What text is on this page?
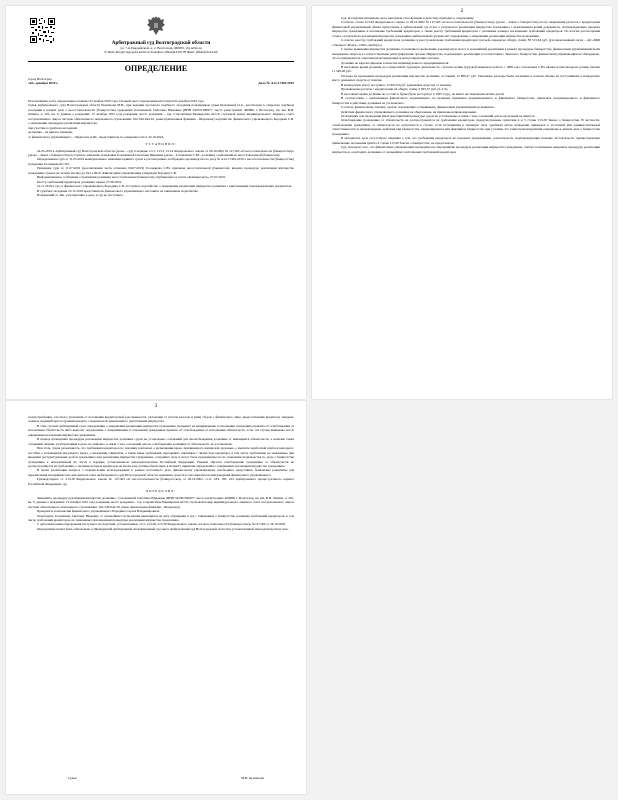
Арбитражный суд Волгоградской области
ул. 7-й Гвардейской, д. 2, Волгоград, 400005, vlg.arbitr.ru
E-mail: info@volgograd.arbitr.ru Телефон: (8442)23-00-78 Факс: (8442)24-04-60
ОПРЕДЕЛЕНИЕ
город Волгоград
«02» декабря 2019 г.	Дело № А12-17481/2019

Резолютивная часть определения оглашена 25 ноября 2019 года. Полный текст определения изготовлен 02 декабря 2019 года.

Судья Арбитражного суда Волгоградской области Кузнецова М.В., при ведении протокола судебного заседания помощником судьи Кулешовой О.А., рассмотрев в открытом судебном заседании в рамках дела о несостоятельности (банкротстве) гражданки Голованевой Светланы Юрьевны (ИНН 343501396977, место регистрации: 400086, г. Волгоград, пр. им. В.И. Ленина, д. 225, кв. 5; данные о рождении: 13 октября 1955 года рождения, место рождения – гор. Стерлитамак Башкирская АССР, страховой номер индивидуального лицевого счета застрахованного лица в системе обязательного пенсионного страхования: 162-549-044 20, ранее присвоенная фамилия – Шарапова) ходатайство финансового управляющего Бородина С.В. о завершении процедуры реализации имущества,

при участии в судебном заседании:

должника – не явился, извещен,

от финансового управляющего – Черкасова А.Ш., представитель по доверенности от 24.10.2019,

УСТАНОВИЛ:

24.05.2019 в Арбитражный суд Волгоградской области (далее - суд) в порядке ст.ст. 213.3, 213.4 Федерального закона от 26.10.2002 № 127-ФЗ «О несостоятельности (банкротстве)» (далее – Закон о банкротстве) поступило заявление гражданки Голованевой Светланы Юрьевны (далее – Голованева С.Ю., должник) о признании ее несостоятельной (банкротом).

Определением суда от 31.05.2019 вышеуказанное заявление принято судом к рассмотрению, возбуждено производство по делу № А12-17481/2019 о несостоятельности (банкротстве) гражданки Голованевой С.Ю.

Решением суда от 11.07.2019 (резолютивная часть оглашена 04.07.2019) Голованева С.Ю. признана несостоятельной (банкротом), введена процедура реализации имущества гражданина сроком на четыре месяца до 04.11.2019. Финансовым управляющим утвержден Бородин С.В.

Информационное сообщение о признании должника несостоятельным (банкротом) опубликовано в газете «Коммерсантъ» 27.07.2019.

Реестр требований кредиторов должника закрыт 27.09.2019.

19.11.2019 в суд от финансового управляющего Бородина С.В. поступило ходатайство о завершении реализации имущества должника с приложением подтверждающих документов.

В судебное заседание 25.11.2019 представитель финансового управляющего настаивал на заявленном ходатайстве.

Возражений от лиц, участвующих в деле, в суд не поступило.

2

Суд, исследовав материалы дела, выслушав участвующих в деле лиц, приходит к следующему.

Согласно статье 213.28 Федерального закона от 26.10.2002 № 127-ФЗ «О несостоятельности (банкротстве)» (далее – Закон о банкротстве) после завершения расчетов с кредиторами финансовый управляющий обязан представить в арбитражный суд отчет о результатах реализации имущества гражданина с приложением копий документов, подтверждающих продажу имущества гражданина и погашение требований кредиторов, а также реестр требований кредиторов с указанием размера погашенных требований кредиторов. По итогам рассмотрения отчета о результатах реализации имущества гражданина арбитражный суд выносит определение о завершении реализации имущества гражданина.

Согласно реестру требований кредиторов должника, в реестр включены требования кредиторов третьей очереди на общую сумму 83 515,64 руб. (уполномоченный орган – АО «БКБ «Экспресс-Волга», ООО «Деберт»).

С целью выявления имущества должника, положенного включению в конкурсную массу и дальнейшей реализации в рамках процедуры банкротства, финансовым управляющим были направлены запросы в соответствующие регистрирующие органы. Имущества, подлежащего реализации в соответствии с Законом о банкротстве, финансовым управляющим не обнаружено, что подтверждается ответами регистрирующих и контролирующих органов.

Должник не зарегистрирован в качестве индивидуального предпринимателя.

В настоящее время должник не осуществляет трудовую деятельность, согласно копии трудовой книжки на работе с 1998 года. Голованева С.Ю. является пенсионером, размер пенсии 11 549,28 руб.

Расходы на проведение процедуры реализации имущества должника составили 12 889,27 руб. Указанные расходы были погашены в полном объеме из поступивших в конкурсную массу денежных средств от пенсии.

В конкурсную массу поступило 15 991,64 руб. (денежные средства от пенсии).

Произведены расчеты с кредиторами на общую сумму 2 005,37 руб. (2,4 %).

В настоящее время должник не состоит в браке (брак расторгнут в 1997 году), не имеет несовершеннолетних детей.

В соответствии с заключением финансового управляющего по проверке признаков преднамеренного и фиктивного банкротства, признаков преднамеренного и фиктивного банкротства в действиях должника не установлено.

Согласно финансовому анализу, сделок, подлежащих оспариванию, финансовым управляющим не выявлено.

Действия финансового управляющего должника не обжалованы, не признаны неправомерными.

Основаниям для проведения иных мероприятий процедуры судом не установлены, в связи с чем, оснований для ее продления не имеется.

Освобождение гражданина от обязательств не распространяется на требования кредиторов, предусмотренные пунктами 4 и 5 статьи 213.28 Закона о банкротстве. В частности, освобождение гражданина от обязательств не допускается в случае, если вступившим в законную силу судебным актом гражданин привлечен к уголовной или административной ответственности за неправомерные действия при банкротстве, преднамеренное или фиктивное банкротство при условии, что такие правонарушения совершены в данном деле о банкротстве гражданина.

В материалах дела отсутствуют сведения о том, что требования кредиторов не подлежат прекращению, доказательств, подтверждающих наличие обстоятельств, препятствующих применению положения пункта 4 статьи 213.28 Закона о банкротстве, не представлено.

Суд, исходя из того, что финансовым управляющим проведены все мероприятия процедуры реализации имущества гражданина, считает возможным завершить процедуру реализации имущества и освободить должника от дальнейшего исполнения требований кредиторов.

3

злоупотребления, злостного уклонения от погашения кредиторской задолженности, уклонения от уплаты налогов и (или) сборов с физического лица, предоставление кредитору заведомо ложных сведений при получении кредита, сокрытия или умышленного уничтожения имущества.

В этих случаях арбитражный суд в определении о завершении реализации имущества гражданина указывает на неприменение в отношении гражданина правила об освобождении от исполнения обязательств либо выносит определение о неприменении в отношении гражданина правила об освобождении от исполнения обязательств, если эти случаи выявлены после завершения реализации имущества гражданина.

В период проведения процедуры реализации имущества должника судом не установлено оснований для неосвобождения должника от имеющихся обязательств, а наличие таких оснований лицами, участвующими в деле, не заявлено, в связи с чем, оснований для не освобождения должника от обязательств, не установлено.

При этом, судом разъясняется, что требования кредиторов по текущим платежам, о возмещении вреда, причиненного жизни или здоровью, о выплате заработной платы и выходного пособия, о возмещении морального вреда, о взыскании алиментов, а также иные требования, неразрывно связанные с личностью кредитора, в том числе требования, не заявленные при введении реструктуризации долгов гражданина или реализации имущества гражданина, сохраняют силу и могут быть предъявлены после окончания производства по делу о банкротстве гражданина в непогашенной их части в порядке, установленном законодательством Российской Федерации. Равным образом освобождение гражданина от обязательств не распространяется на требования, о наличии которых кредиторы не знали и не должны были знать к моменту принятия определения о завершении реализации имущества гражданина.

В целях реализации вопроса о перечислении вознаграждения в рамках настоящего дела, финансовому управляющему необходимо представить банковские реквизиты для перечисления находящихся на депозитном счете Арбитражного суда Волгоградской области денежных средств в счет выплаты вознаграждения финансового управляющего.

Руководствуясь ст. 213.28 Федерального закона № 127-ФЗ «О несостоятельности (банкротстве)» от 26.10.2002, ст.ст. 184, 185, 223 Арбитражного процессуального кодекса Российской Федерации, суд

ОПРЕДЕЛИЛ:

Завершить процедуру реализации имущества должника - Голованевой Светланы Юрьевны (ИНН 343501396977, место регистрации: 400086, г. Волгоград, пр. им. В.И. Ленина, д. 225, кв. 5; данные о рождении: 13 октября 1955 года рождения, место рождения – гор. Стерлитамак Башкирская АССР, страховой номер индивидуального лицевого счета застрахованного лица в системе обязательного пенсионного страхования: 162-549-044 20, ранее присвоенная фамилия – Шарапова).

Прекратить полномочия финансового управляющего Бородина Сергея Владимировича.

Освободить Голованеву Светлану Юрьевну от дальнейшего исполнения имеющихся на дату обращения в суд с заявлением о банкротстве должника требований кредиторов, в том числе требований кредиторов, не заявленных при введении процедуры реализации имущества гражданина.

С даты вынесения определения наступают последствия, установленные ст.ст. 213.28, 213.30 Федерального закона «О несостоятельности (банкротстве)» №127-ФЗ от 26.10.2002.

Определение может быть обжаловано в Двенадцатый арбитражный апелляционный суд через Арбитражный суд Волгоградской области в установленный законодательством срок.

Судья	М.В. Кузнецова
